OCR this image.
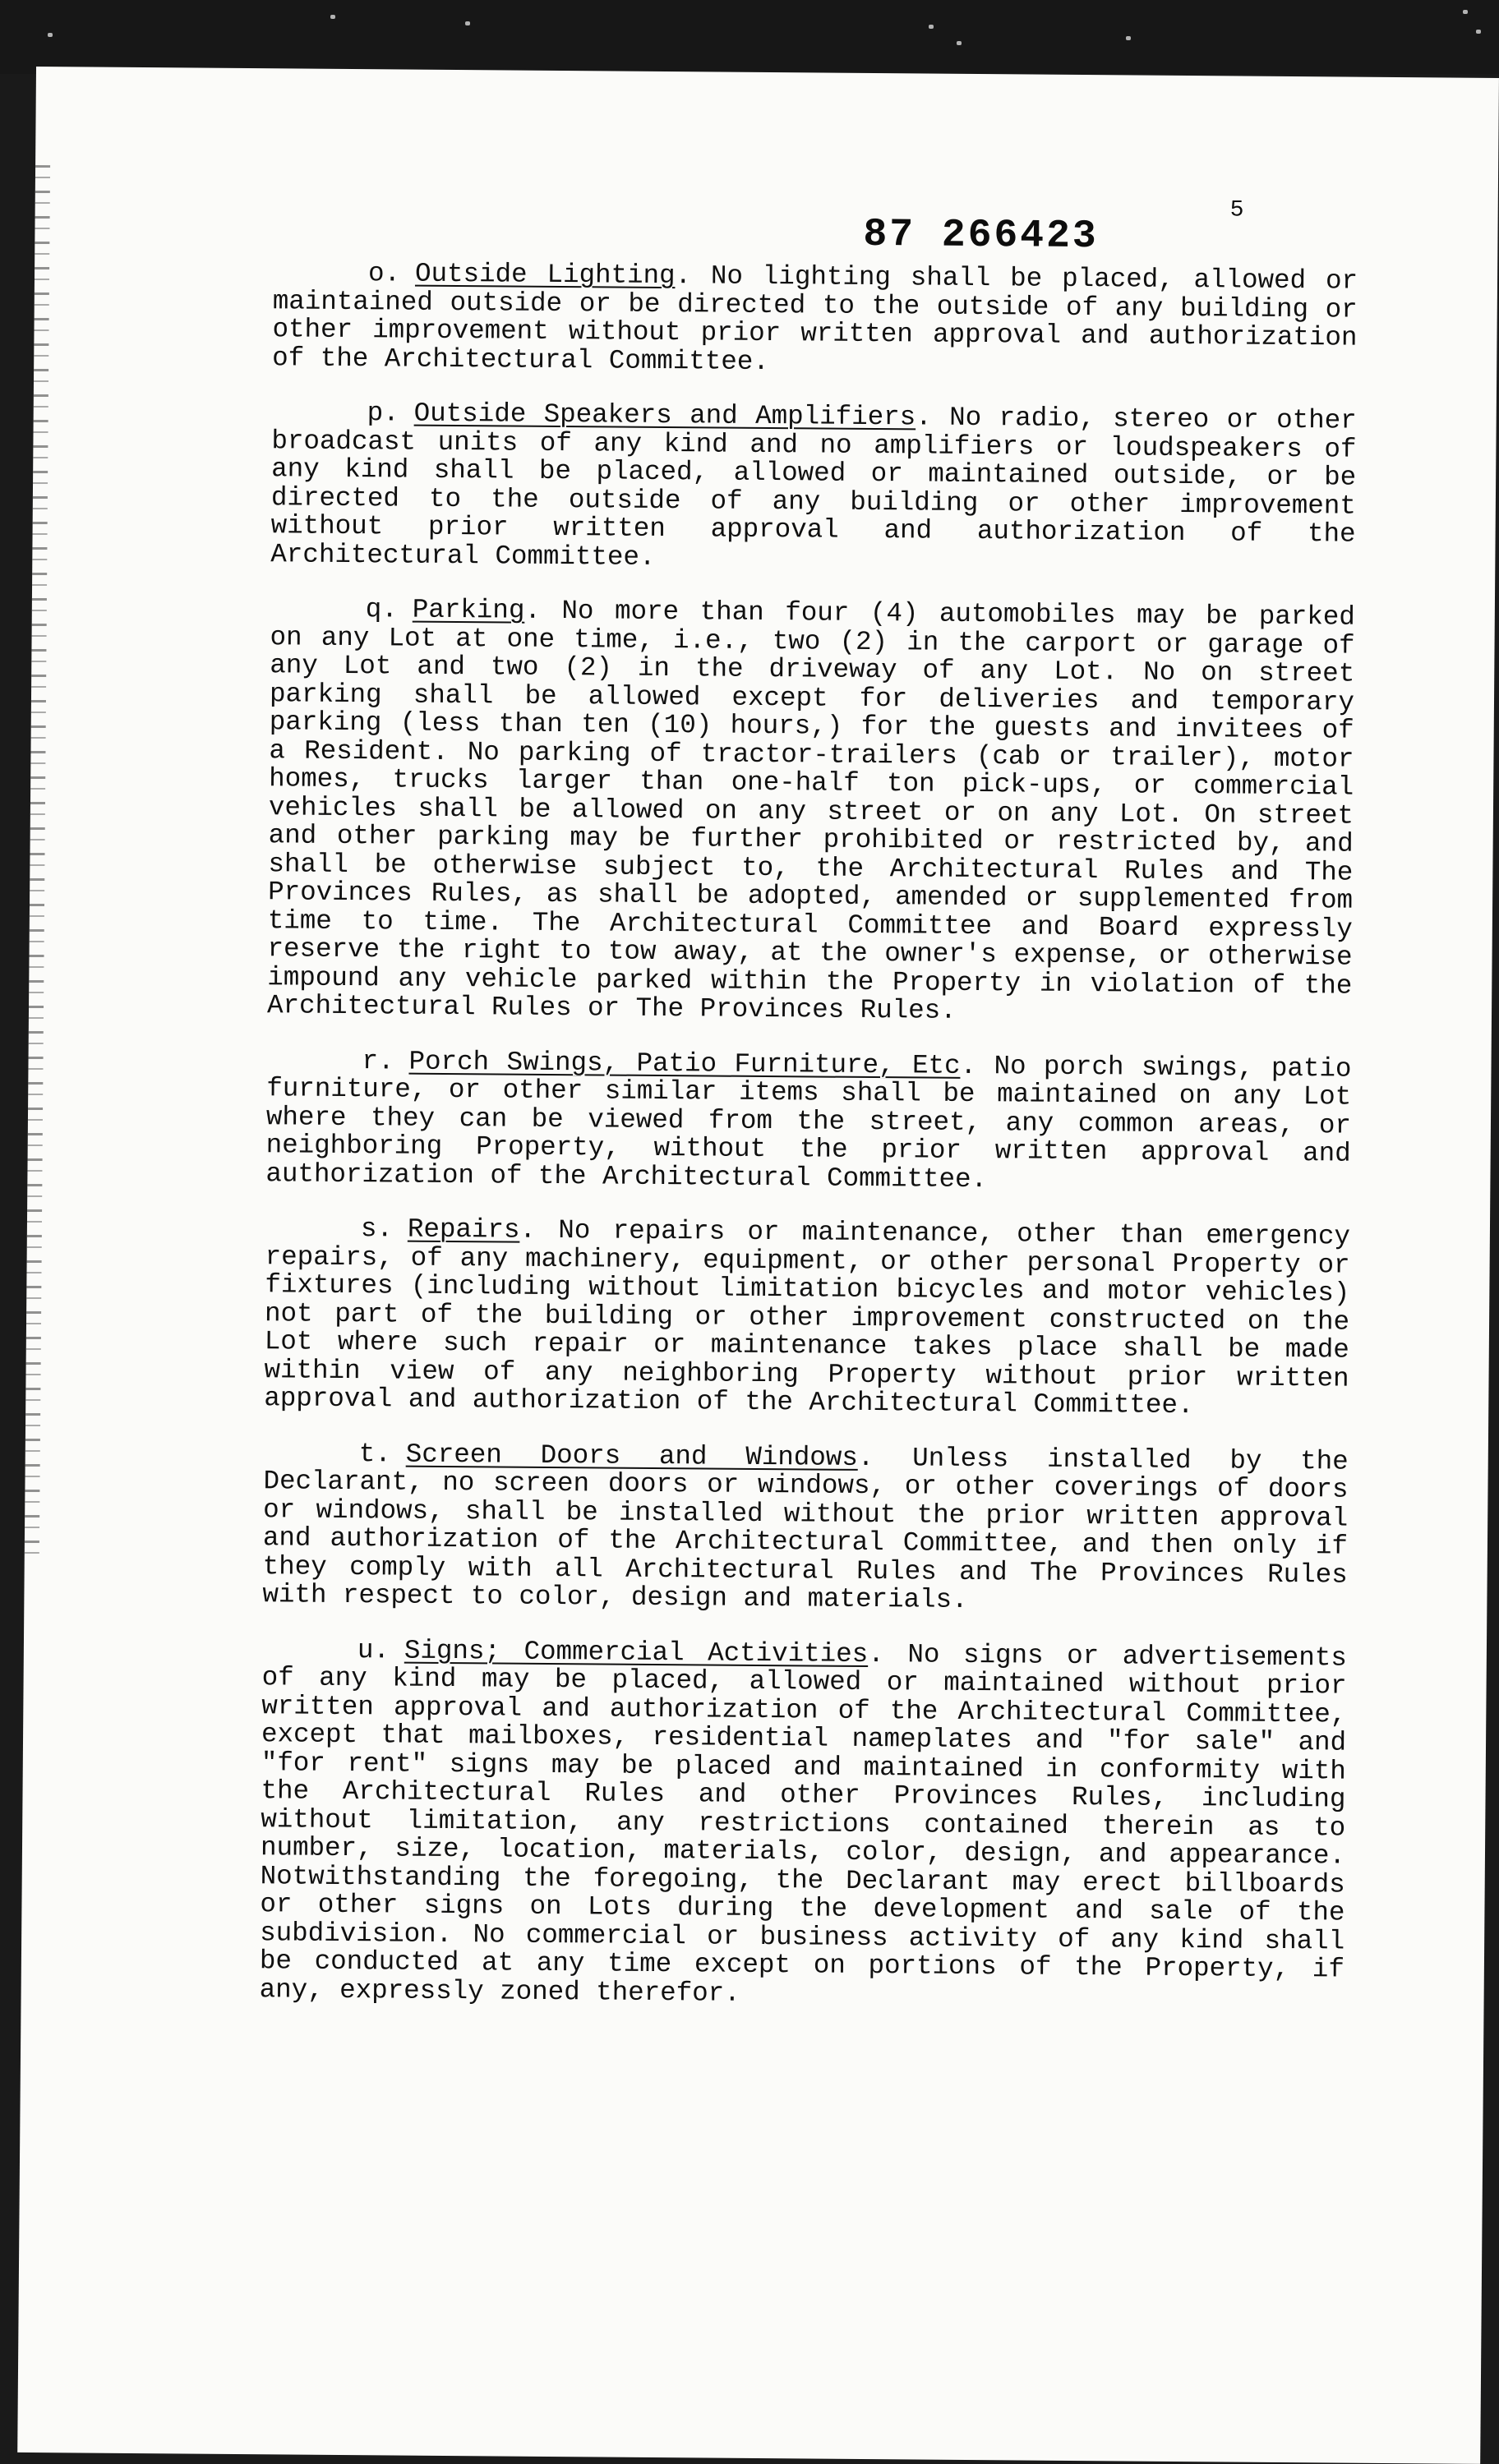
5
87 266423

o. Outside Lighting. No lighting shall be placed, allowed or maintained outside or be directed to the outside of any building or other improvement without prior written approval and authorization of the Architectural Committee.

p. Outside Speakers and Amplifiers. No radio, stereo or other broadcast units of any kind and no amplifiers or loudspeakers of any kind shall be placed, allowed or maintained outside, or be directed to the outside of any building or other improvement without prior written approval and authorization of the Architectural Committee.

q. Parking. No more than four (4) automobiles may be parked on any Lot at one time, i.e., two (2) in the carport or garage of any Lot and two (2) in the driveway of any Lot. No on street parking shall be allowed except for deliveries and temporary parking (less than ten (10) hours,) for the guests and invitees of a Resident. No parking of tractor-trailers (cab or trailer), motor homes, trucks larger than one-half ton pick-ups, or commercial vehicles shall be allowed on any street or on any Lot. On street and other parking may be further prohibited or restricted by, and shall be otherwise subject to, the Architectural Rules and The Provinces Rules, as shall be adopted, amended or supplemented from time to time. The Architectural Committee and Board expressly reserve the right to tow away, at the owner's expense, or otherwise impound any vehicle parked within the Property in violation of the Architectural Rules or The Provinces Rules.

r. Porch Swings, Patio Furniture, Etc. No porch swings, patio furniture, or other similar items shall be maintained on any Lot where they can be viewed from the street, any common areas, or neighboring Property, without the prior written approval and authorization of the Architectural Committee.

s. Repairs. No repairs or maintenance, other than emergency repairs, of any machinery, equipment, or other personal Property or fixtures (including without limitation bicycles and motor vehicles) not part of the building or other improvement constructed on the Lot where such repair or maintenance takes place shall be made within view of any neighboring Property without prior written approval and authorization of the Architectural Committee.

t. Screen Doors and Windows. Unless installed by the Declarant, no screen doors or windows, or other coverings of doors or windows, shall be installed without the prior written approval and authorization of the Architectural Committee, and then only if they comply with all Architectural Rules and The Provinces Rules with respect to color, design and materials.

u. Signs; Commercial Activities. No signs or advertisements of any kind may be placed, allowed or maintained without prior written approval and authorization of the Architectural Committee, except that mailboxes, residential nameplates and "for sale" and "for rent" signs may be placed and maintained in conformity with the Architectural Rules and other Provinces Rules, including without limitation, any restrictions contained therein as to number, size, location, materials, color, design, and appearance. Notwithstanding the foregoing, the Declarant may erect billboards or other signs on Lots during the development and sale of the subdivision. No commercial or business activity of any kind shall be conducted at any time except on portions of the Property, if any, expressly zoned therefor.
